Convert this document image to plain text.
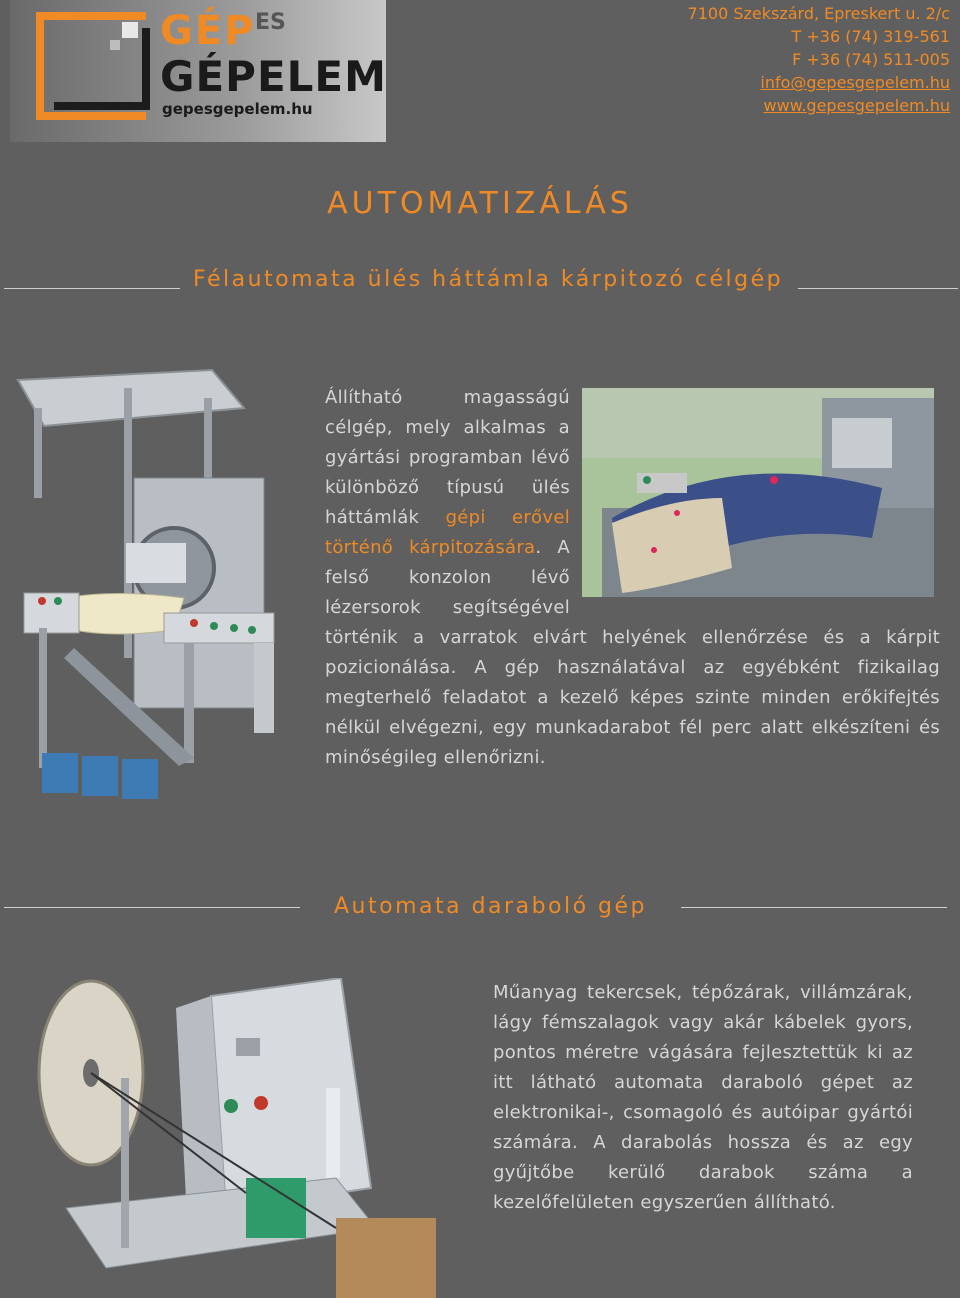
GÉP ES
GÉPELEM
gepesgepelem.hu
7100 Szekszárd, Epreskert u. 2/c
T +36 (74) 319-561
F +36 (74) 511-005
info@gepesgepelem.hu
www.gepesgepelem.hu
AUTOMATIZÁLÁS
Félautomata ülés háttámla kárpitozó célgép
Állítható magasságú célgép, mely alkalmas a gyártási programban lévő különböző típusú ülés háttámlák gépi erővel történő kárpitozására. A felső konzolon lévő lézersorok segítségével történik a varratok elvárt helyének ellenőrzése és a kárpit pozicionálása. A gép használatával az egyébként fizikailag megterhelő feladatot a kezelő képes szinte minden erőkifejtés nélkül elvégezni, egy munkadarabot fél perc alatt elkészíteni és minőségileg ellenőrizni.
Automata daraboló gép
Műanyag tekercsek, tépőzárak, villámzárak, lágy fémszalagok vagy akár kábelek gyors, pontos méretre vágására fejlesztettük ki az itt látható automata daraboló gépet az elektronikai-, csomagoló és autóipar gyártói számára. A darabolás hossza és az egy gyűjtőbe kerülő darabok száma a kezelőfelületen egyszerűen állítható.
